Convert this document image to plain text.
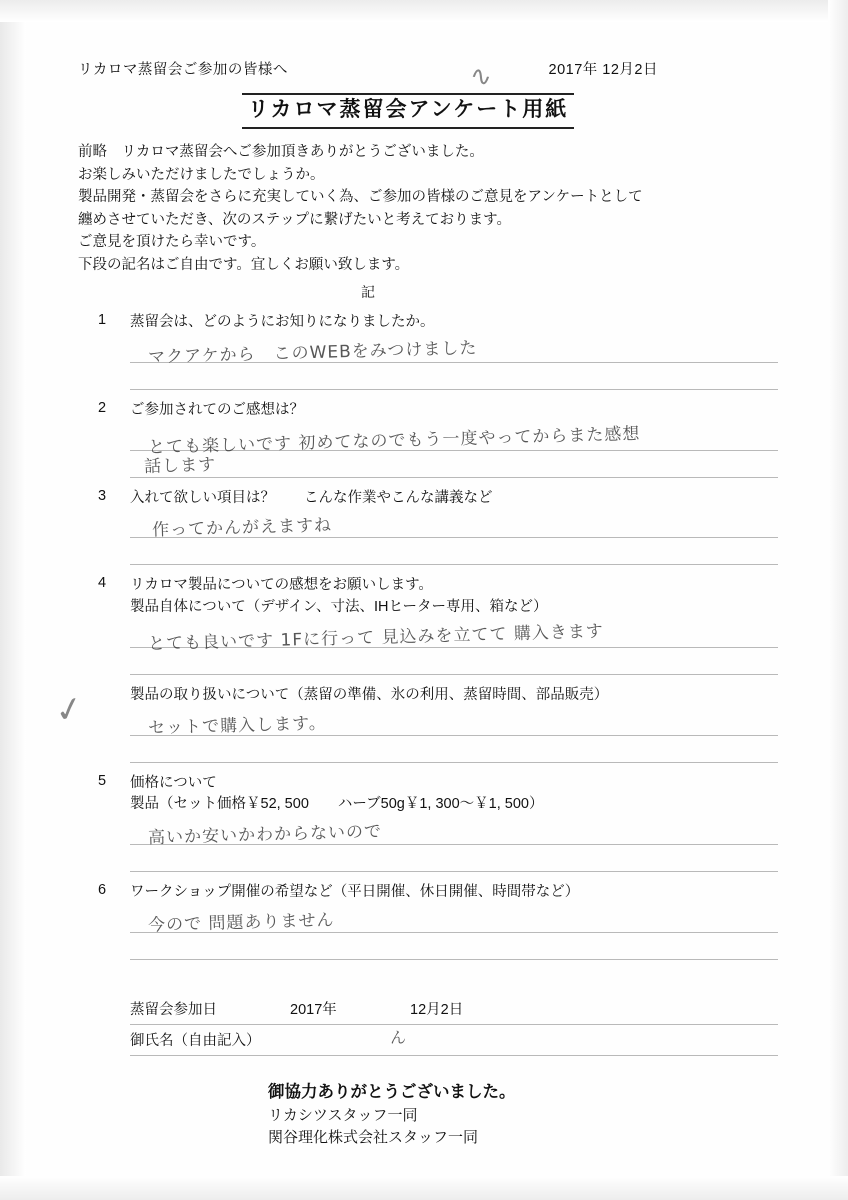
リカロマ蒸留会ご参加の皆様へ	2017年 12月2日
リカロマ蒸留会アンケート用紙
前略　リカロマ蒸留会へご参加頂きありがとうございました。
お楽しみいただけましたでしょうか。
製品開発・蒸留会をさらに充実していく為、ご参加の皆様のご意見をアンケートとして
纏めさせていただき、次のステップに繋げたいと考えております。
ご意見を頂けたら幸いです。
下段の記名はご自由です。宜しくお願い致します。
記
1	蒸留会は、どのようにお知りになりましたか。
マクアケから　このWEBをみつけました
2	ご参加されてのご感想は？
とても楽しいです 初めてなのでもう一度やってからまた感想
話します
3	入れて欲しい項目は？　　こんな作業やこんな講義など
作ってかんがえますね
4	リカロマ製品についての感想をお願いします。
製品自体について（デザイン、寸法、IHヒーター専用、箱など）
とても良いです 1Fに行って 見込みを立てて 購入きます
製品の取り扱いについて（蒸留の準備、氷の利用、蒸留時間、部品販売）
セットで購入します。
5	価格について
製品（セット価格￥52, 500　　ハーブ50g￥1, 300〜￥1, 500）
高いか安いかわからないので
6	ワークショップ開催の希望など（平日開催、休日開催、時間帯など）
今ので 問題ありません
蒸留会参加日	2017年	12月2日
御氏名（自由記入）	ん
御協力ありがとうございました。
リカシツスタッフ一同
関谷理化株式会社スタッフ一同
∿
✓
